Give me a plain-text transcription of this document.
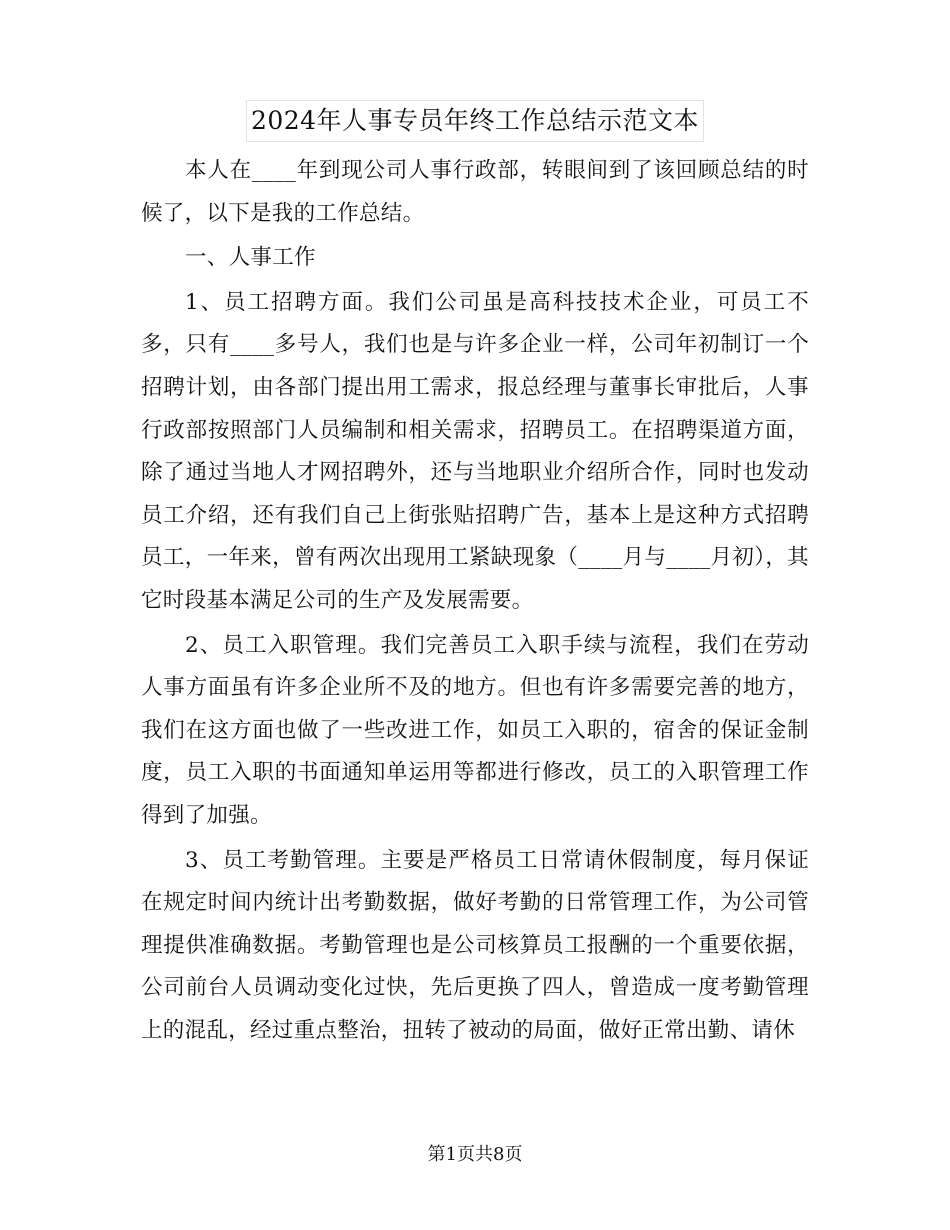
2024年人事专员年终工作总结示范文本

本人在____年到现公司人事行政部，转眼间到了该回顾总结的时候了，以下是我的工作总结。

一、人事工作

1、员工招聘方面。我们公司虽是高科技技术企业，可员工不多，只有____多号人，我们也是与许多企业一样，公司年初制订一个招聘计划，由各部门提出用工需求，报总经理与董事长审批后，人事行政部按照部门人员编制和相关需求，招聘员工。在招聘渠道方面，除了通过当地人才网招聘外，还与当地职业介绍所合作，同时也发动员工介绍，还有我们自己上街张贴招聘广告，基本上是这种方式招聘员工，一年来，曾有两次出现用工紧缺现象（____月与____月初），其它时段基本满足公司的生产及发展需要。

2、员工入职管理。我们完善员工入职手续与流程，我们在劳动人事方面虽有许多企业所不及的地方。但也有许多需要完善的地方，我们在这方面也做了一些改进工作，如员工入职的，宿舍的保证金制度，员工入职的书面通知单运用等都进行修改，员工的入职管理工作得到了加强。

3、员工考勤管理。主要是严格员工日常请休假制度，每月保证在规定时间内统计出考勤数据，做好考勤的日常管理工作，为公司管理提供准确数据。考勤管理也是公司核算员工报酬的一个重要依据，公司前台人员调动变化过快，先后更换了四人，曾造成一度考勤管理上的混乱，经过重点整治，扭转了被动的局面，做好正常出勤、请休

第1页共8页
